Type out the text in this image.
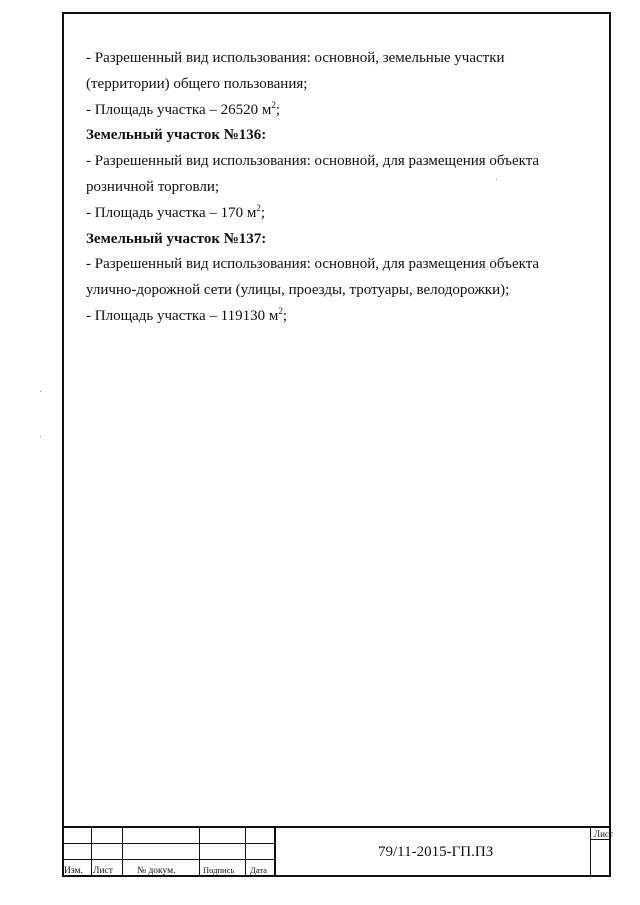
- Разрешенный вид использования: основной, земельные участки
(территории) общего пользования;
- Площадь участка – 26520 $м^2$;
Земельный участок №136:
- Разрешенный вид использования: основной, для размещения объекта
розничной торговли;
- Площадь участка – 170 $м^2$;
Земельный участок №137:
- Разрешенный вид использования: основной, для размещения объекта
улично-дорожной сети (улицы, проезды, тротуары, велодорожки);
- Площадь участка – 119130 $м^2$;
Изм. Лист	№ докум.	Подпись Дата
79/11-2015-ГП.ПЗ
Лист
